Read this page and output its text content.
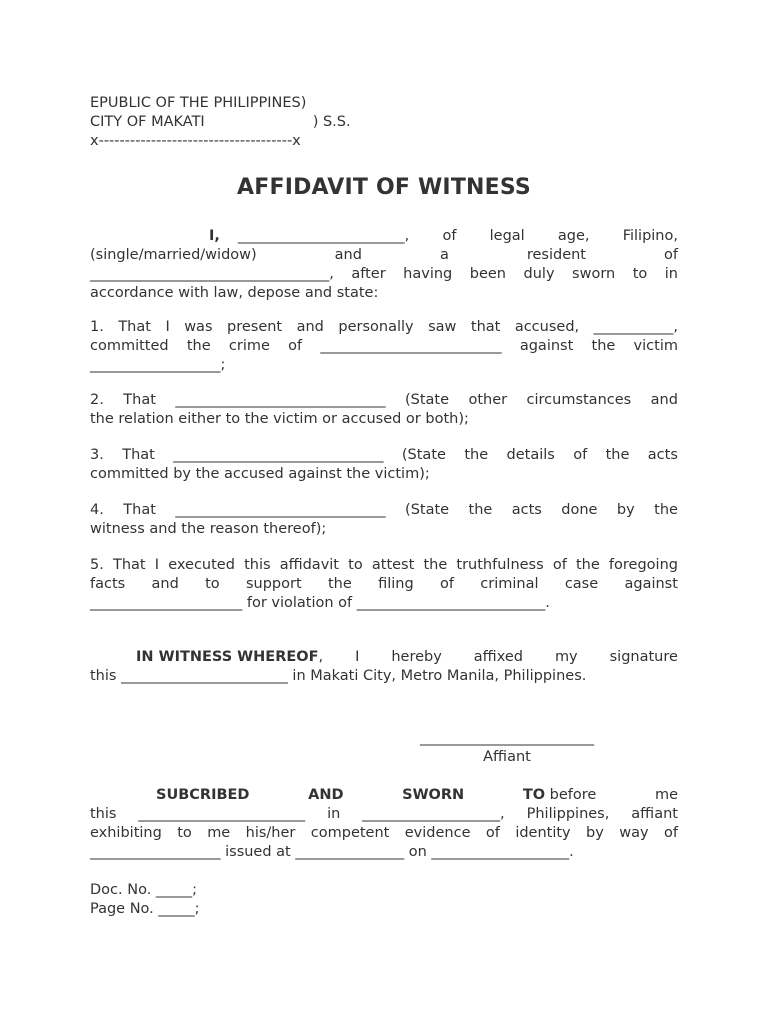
EPUBLIC OF THE PHILIPPINES)
CITY OF MAKATI	) S.S.
x-------------------------------------x
AFFIDAVIT OF WITNESS
I, _______________________, of legal age, Filipino,
(single/married/widow)	and	a	resident	of
_________________________________, after having been duly sworn to in
accordance with law, depose and state:
1. That I was present and personally saw that accused, ___________,
committed the crime of _________________________ against the victim
__________________;
2. That _____________________________ (State other circumstances and
the relation either to the victim or accused or both);
3. That _____________________________ (State the details of the acts
committed by the accused against the victim);
4. That _____________________________ (State the acts done by the
witness and the reason thereof);
5. That I executed this affidavit to attest the truthfulness of the foregoing
facts and to support the filing of criminal case against
_____________________ for violation of __________________________.
IN WITNESS WHEREOF , I hereby affixed my signature
this _______________________ in Makati City, Metro Manila, Philippines.
________________________
Affiant
SUBCRIBED	AND	SWORN	TO before	me
this _______________________ in ___________________, Philippines, affiant
exhibiting to me his/her competent evidence of identity by way of
__________________ issued at _______________ on ___________________.
Doc. No. _____;
Page No. _____;
